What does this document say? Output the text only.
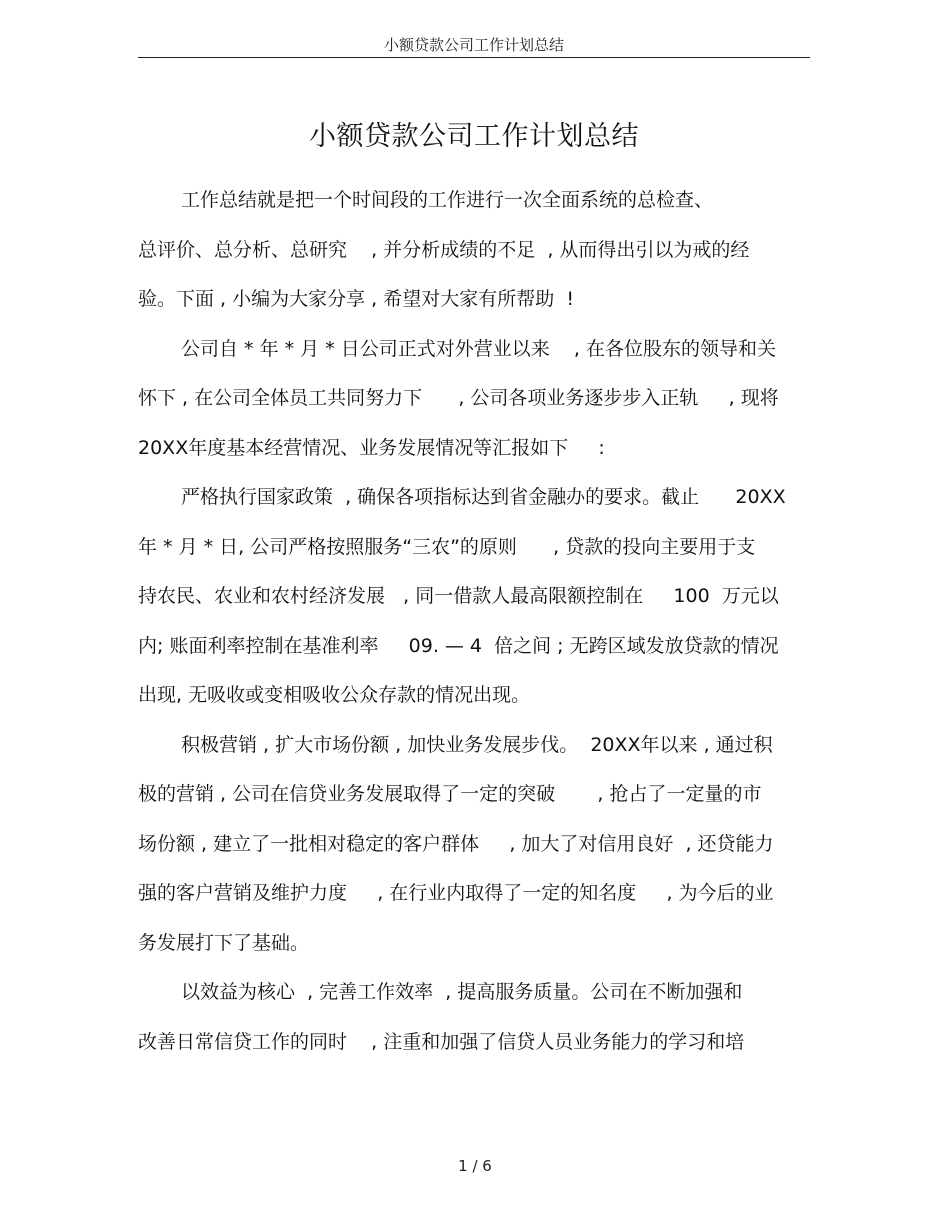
小额贷款公司工作计划总结
小额贷款公司工作计划总结
工作总结就是把一个时间段的工作进行一次全面系统的总检查、
总评价、总分析、总研究    , 并分析成绩的不足  , 从而得出引以为戒的经
验。下面 , 小编为大家分享 , 希望对大家有所帮助  !
公司自 * 年 * 月 * 日公司正式对外营业以来    , 在各位股东的领导和关
怀下 , 在公司全体员工共同努力下      , 公司各项业务逐步步入正轨     , 现将
20XX年度基本经营情况、业务发展情况等汇报如下     :
严格执行国家政策  , 确保各项指标达到省金融办的要求。截止      20XX
年 * 月 * 日, 公司严格按照服务“三农”的原则      , 贷款的投向主要用于支
持农民、农业和农村经济发展   , 同一借款人最高限额控制在     100  万元以
内; 账面利率控制在基准利率     09. — 4  倍之间 ; 无跨区域发放贷款的情况
出现, 无吸收或变相吸收公众存款的情况出现。
积极营销 , 扩大市场份额 , 加快业务发展步伐。  20XX年以来 , 通过积
极的营销 , 公司在信贷业务发展取得了一定的突破       , 抢占了一定量的市
场份额 , 建立了一批相对稳定的客户群体     , 加大了对信用良好  , 还贷能力
强的客户营销及维护力度     , 在行业内取得了一定的知名度     , 为今后的业
务发展打下了基础。
以效益为核心  , 完善工作效率  , 提高服务质量。公司在不断加强和
改善日常信贷工作的同时    , 注重和加强了信贷人员业务能力的学习和培
1 / 6
